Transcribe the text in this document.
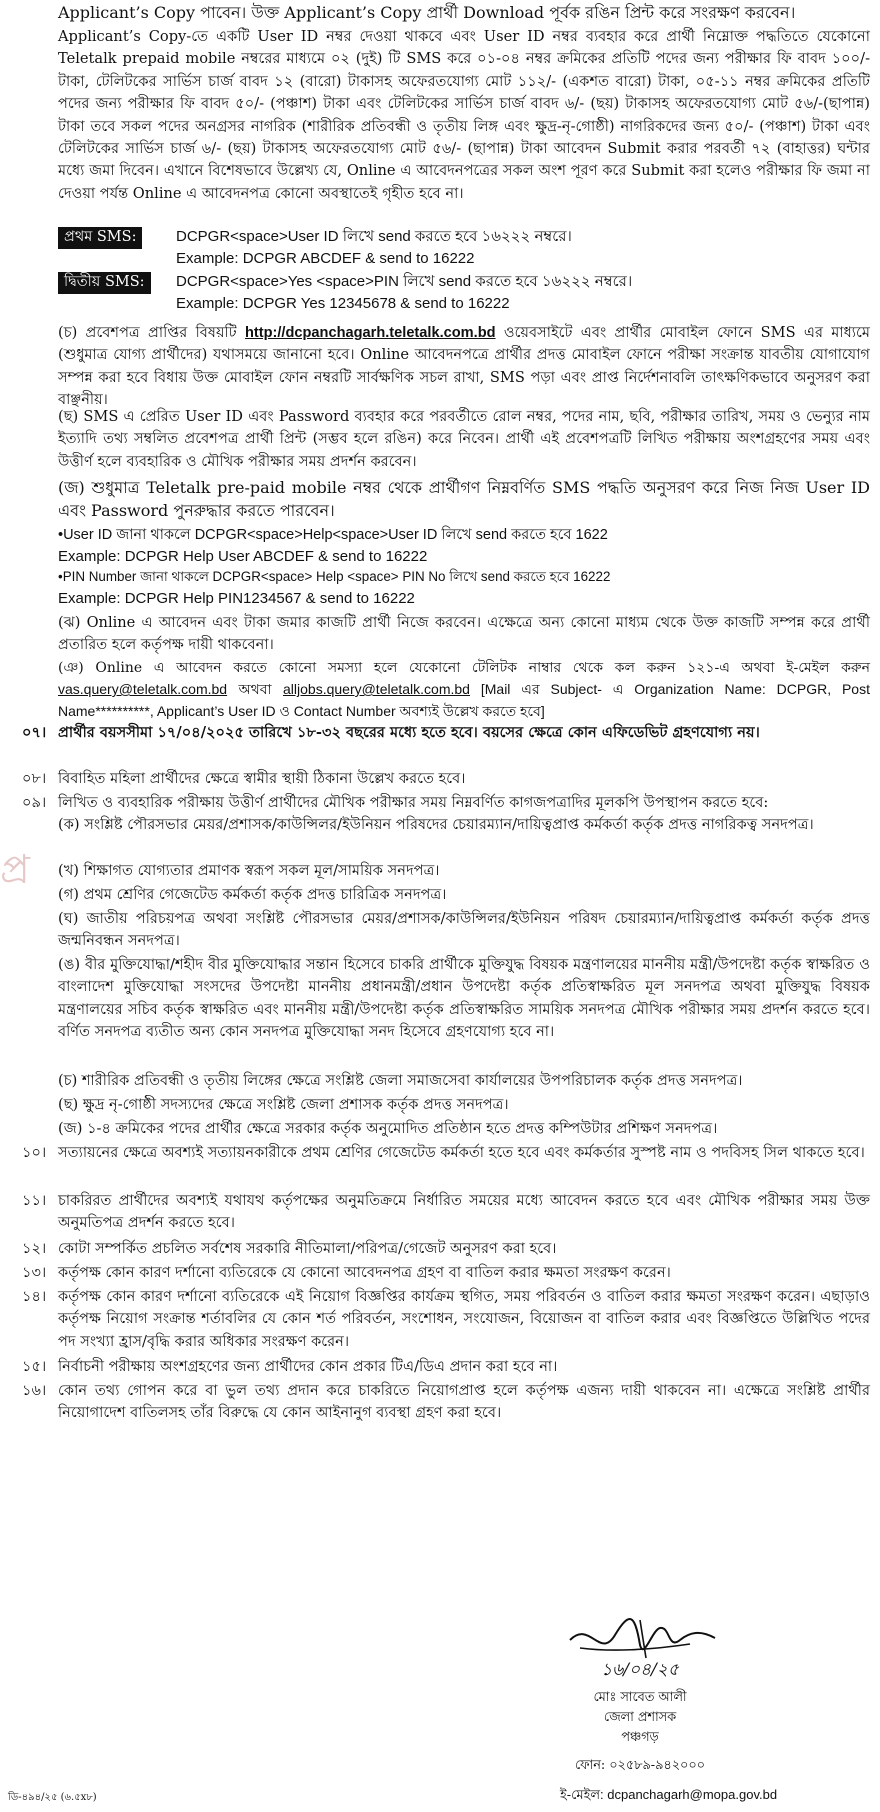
Applicant’s Copy পাবেন। উক্ত Applicant’s Copy প্রার্থী Download পূর্বক রঙিন প্রিন্ট করে সংরক্ষণ করবেন।

Applicant’s Copy-তে একটি User ID নম্বর দেওয়া থাকবে এবং User ID নম্বর ব্যবহার করে প্রার্থী নিম্নোক্ত পদ্ধতিতে যেকোনো Teletalk prepaid mobile নম্বরের মাধ্যমে ০২ (দুই) টি SMS করে ০১-০৪ নম্বর ক্রমিকের প্রতিটি পদের জন্য পরীক্ষার ফি বাবদ ১০০/- টাকা, টেলিটকের সার্ভিস চার্জ বাবদ ১২ (বারো) টাকাসহ অফেরতযোগ্য মোট ১১২/- (একশত বারো) টাকা, ০৫-১১ নম্বর ক্রমিকের প্রতিটি পদের জন্য পরীক্ষার ফি বাবদ ৫০/- (পঞ্চাশ) টাকা এবং টেলিটকের সার্ভিস চার্জ বাবদ ৬/- (ছয়) টাকাসহ অফেরতযোগ্য মোট ৫৬/-(ছাপান্ন) টাকা তবে সকল পদের অনগ্রসর নাগরিক (শারীরিক প্রতিবন্ধী ও তৃতীয় লিঙ্গ এবং ক্ষুদ্র-নৃ-গোষ্ঠী) নাগরিকদের জন্য ৫০/- (পঞ্চাশ) টাকা এবং টেলিটকের সার্ভিস চার্জ ৬/- (ছয়) টাকাসহ অফেরতযোগ্য মোট ৫৬/- (ছাপান্ন) টাকা আবেদন Submit করার পরবর্তী ৭২ (বাহাত্তর) ঘন্টার মধ্যে জমা দিবেন। এখানে বিশেষভাবে উল্লেখ্য যে, Online এ আবেদনপত্রের সকল অংশ পূরণ করে Submit করা হলেও পরীক্ষার ফি জমা না দেওয়া পর্যন্ত Online এ আবেদনপত্র কোনো অবস্থাতেই গৃহীত হবে না।

প্রথম SMS:	DCPGR<space>User ID লিখে send করতে হবে ১৬২২২ নম্বরে।
Example: DCPGR ABCDEF & send to 16222
দ্বিতীয় SMS:	DCPGR<space>Yes <space>PIN লিখে send করতে হবে ১৬২২২ নম্বরে।
Example: DCPGR Yes 12345678 & send to 16222

(চ) প্রবেশপত্র প্রাপ্তির বিষয়টি http://dcpanchagarh.teletalk.com.bd ওয়েবসাইটে এবং প্রার্থীর মোবাইল ফোনে SMS এর মাধ্যমে (শুধুমাত্র যোগ্য প্রার্থীদের) যথাসময়ে জানানো হবে। Online আবেদনপত্রে প্রার্থীর প্রদত্ত মোবাইল ফোনে পরীক্ষা সংক্রান্ত যাবতীয় যোগাযোগ সম্পন্ন করা হবে বিধায় উক্ত মোবাইল ফোন নম্বরটি সার্বক্ষণিক সচল রাখা, SMS পড়া এবং প্রাপ্ত নির্দেশনাবলি তাৎক্ষণিকভাবে অনুসরণ করা বাঞ্ছনীয়।

(ছ) SMS এ প্রেরিত User ID এবং Password ব্যবহার করে পরবর্তীতে রোল নম্বর, পদের নাম, ছবি, পরীক্ষার তারিখ, সময় ও ভেন্যুর নাম ইত্যাদি তথ্য সম্বলিত প্রবেশপত্র প্রার্থী প্রিন্ট (সম্ভব হলে রঙিন) করে নিবেন। প্রার্থী এই প্রবেশপত্রটি লিখিত পরীক্ষায় অংশগ্রহণের সময় এবং উত্তীর্ণ হলে ব্যবহারিক ও মৌখিক পরীক্ষার সময় প্রদর্শন করবেন।

(জ) শুধুমাত্র Teletalk pre-paid mobile নম্বর থেকে প্রার্থীগণ নিম্নবর্ণিত SMS পদ্ধতি অনুসরণ করে নিজ নিজ User ID এবং Password পুনরুদ্ধার করতে পারবেন।

•User ID জানা থাকলে DCPGR<space>Help<space>User ID লিখে send করতে হবে 1622

Example: DCPGR Help User ABCDEF & send to 16222

•PIN Number জানা থাকলে DCPGR<space> Help <space> PIN No লিখে send করতে হবে 16222

Example: DCPGR Help PIN1234567 & send to 16222

(ঝ) Online এ আবেদন এবং টাকা জমার কাজটি প্রার্থী নিজে করবেন। এক্ষেত্রে অন্য কোনো মাধ্যম থেকে উক্ত কাজটি সম্পন্ন করে প্রার্থী প্রতারিত হলে কর্তৃপক্ষ দায়ী থাকবেনা।

(ঞ) Online এ আবেদন করতে কোনো সমস্যা হলে যেকোনো টেলিটক নাম্বার থেকে কল করুন ১২১-এ অথবা ই-মেইল করুন vas.query@teletalk.com.bd অথবা alljobs.query@teletalk.com.bd [Mail এর Subject- এ Organization Name: DCPGR, Post Name**********, Applicant’s User ID ও Contact Number অবশ্যই উল্লেখ করতে হবে]

প্র
০৭। প্রার্থীর বয়সসীমা ১৭/০৪/২০২৫ তারিখে ১৮-৩২ বছরের মধ্যে হতে হবে। বয়সের ক্ষেত্রে কোন এফিডেভিট গ্রহণযোগ্য নয়।

০৮। বিবাহিত মহিলা প্রার্থীদের ক্ষেত্রে স্বামীর স্থায়ী ঠিকানা উল্লেখ করতে হবে।

০৯। লিখিত ও ব্যবহারিক পরীক্ষায় উত্তীর্ণ প্রার্থীদের মৌখিক পরীক্ষার সময় নিম্নবর্ণিত কাগজপত্রাদির মূলকপি উপস্থাপন করতে হবে:

(ক) সংশ্লিষ্ট পৌরসভার মেয়র/প্রশাসক/কাউন্সিলর/ইউনিয়ন পরিষদের চেয়ারম্যান/দায়িত্বপ্রাপ্ত কর্মকর্তা কর্তৃক প্রদত্ত নাগরিকত্ব সনদপত্র।

(খ) শিক্ষাগত যোগ্যতার প্রমাণক স্বরূপ সকল মূল/সাময়িক সনদপত্র।

(গ) প্রথম শ্রেণির গেজেটেড কর্মকর্তা কর্তৃক প্রদত্ত চারিত্রিক সনদপত্র।

(ঘ) জাতীয় পরিচয়পত্র অথবা সংশ্লিষ্ট পৌরসভার মেয়র/প্রশাসক/কাউন্সিলর/ইউনিয়ন পরিষদ চেয়ারম্যান/দায়িত্বপ্রাপ্ত কর্মকর্তা কর্তৃক প্রদত্ত জন্মনিবন্ধন সনদপত্র।

(ঙ) বীর মুক্তিযোদ্ধা/শহীদ বীর মুক্তিযোদ্ধার সন্তান হিসেবে চাকরি প্রার্থীকে মুক্তিযুদ্ধ বিষয়ক মন্ত্রণালয়ের মাননীয় মন্ত্রী/উপদেষ্টা কর্তৃক স্বাক্ষরিত ও বাংলাদেশ মুক্তিযোদ্ধা সংসদের উপদেষ্টা মাননীয় প্রধানমন্ত্রী/প্রধান উপদেষ্টা কর্তৃক প্রতিস্বাক্ষরিত মূল সনদপত্র অথবা মুক্তিযুদ্ধ বিষয়ক মন্ত্রণালয়ের সচিব কর্তৃক স্বাক্ষরিত এবং মাননীয় মন্ত্রী/উপদেষ্টা কর্তৃক প্রতিস্বাক্ষরিত সাময়িক সনদপত্র মৌখিক পরীক্ষার সময় প্রদর্শন করতে হবে। বর্ণিত সনদপত্র ব্যতীত অন্য কোন সনদপত্র মুক্তিযোদ্ধা সনদ হিসেবে গ্রহণযোগ্য হবে না।

(চ) শারীরিক প্রতিবন্ধী ও তৃতীয় লিঙ্গের ক্ষেত্রে সংশ্লিষ্ট জেলা সমাজসেবা কার্যালয়ের উপপরিচালক কর্তৃক প্রদত্ত সনদপত্র।

(ছ) ক্ষুদ্র নৃ-গোষ্ঠী সদস্যদের ক্ষেত্রে সংশ্লিষ্ট জেলা প্রশাসক কর্তৃক প্রদত্ত সনদপত্র।

(জ) ১-৪ ক্রমিকের পদের প্রার্থীর ক্ষেত্রে সরকার কর্তৃক অনুমোদিত প্রতিষ্ঠান হতে প্রদত্ত কম্পিউটার প্রশিক্ষণ সনদপত্র।

১০। সত্যায়নের ক্ষেত্রে অবশ্যই সত্যায়নকারীকে প্রথম শ্রেণির গেজেটেড কর্মকর্তা হতে হবে এবং কর্মকর্তার সুস্পষ্ট নাম ও পদবিসহ সিল থাকতে হবে।

১১। চাকরিরত প্রার্থীদের অবশ্যই যথাযথ কর্তৃপক্ষের অনুমতিক্রমে নির্ধারিত সময়ের মধ্যে আবেদন করতে হবে এবং মৌখিক পরীক্ষার সময় উক্ত অনুমতিপত্র প্রদর্শন করতে হবে।

১২। কোটা সম্পর্কিত প্রচলিত সর্বশেষ সরকারি নীতিমালা/পরিপত্র/গেজেট অনুসরণ করা হবে।

১৩। কর্তৃপক্ষ কোন কারণ দর্শানো ব্যতিরেকে যে কোনো আবেদনপত্র গ্রহণ বা বাতিল করার ক্ষমতা সংরক্ষণ করেন।

১৪। কর্তৃপক্ষ কোন কারণ দর্শানো ব্যতিরেকে এই নিয়োগ বিজ্ঞপ্তির কার্যক্রম স্থগিত, সময় পরিবর্তন ও বাতিল করার ক্ষমতা সংরক্ষণ করেন। এছাড়াও কর্তৃপক্ষ নিয়োগ সংক্রান্ত শর্তাবলির যে কোন শর্ত পরিবর্তন, সংশোধন, সংযোজন, বিয়োজন বা বাতিল করার এবং বিজ্ঞপ্তিতে উল্লিখিত পদের পদ সংখ্যা হ্রাস/বৃদ্ধি করার অধিকার সংরক্ষণ করেন।

১৫। নির্বাচনী পরীক্ষায় অংশগ্রহণের জন্য প্রার্থীদের কোন প্রকার টিএ/ডিএ প্রদান করা হবে না।

১৬। কোন তথ্য গোপন করে বা ভুল তথ্য প্রদান করে চাকরিতে নিয়োগপ্রাপ্ত হলে কর্তৃপক্ষ এজন্য দায়ী থাকবেন না। এক্ষেত্রে সংশ্লিষ্ট প্রার্থীর নিয়োগাদেশ বাতিলসহ তাঁর বিরুদ্ধে যে কোন আইনানুগ ব্যবস্থা গ্রহণ করা হবে।

১৬/০৪/২৫
মোঃ সাবেত আলী
জেলা প্রশাসক
পঞ্চগড়
ফোন: ০২৫৮৯-৯৪২০০০
ই-মেইল: dcpanchagarh@mopa.gov.bd
ডি-৪৯৪/২৫ (৬.৫x৮)
